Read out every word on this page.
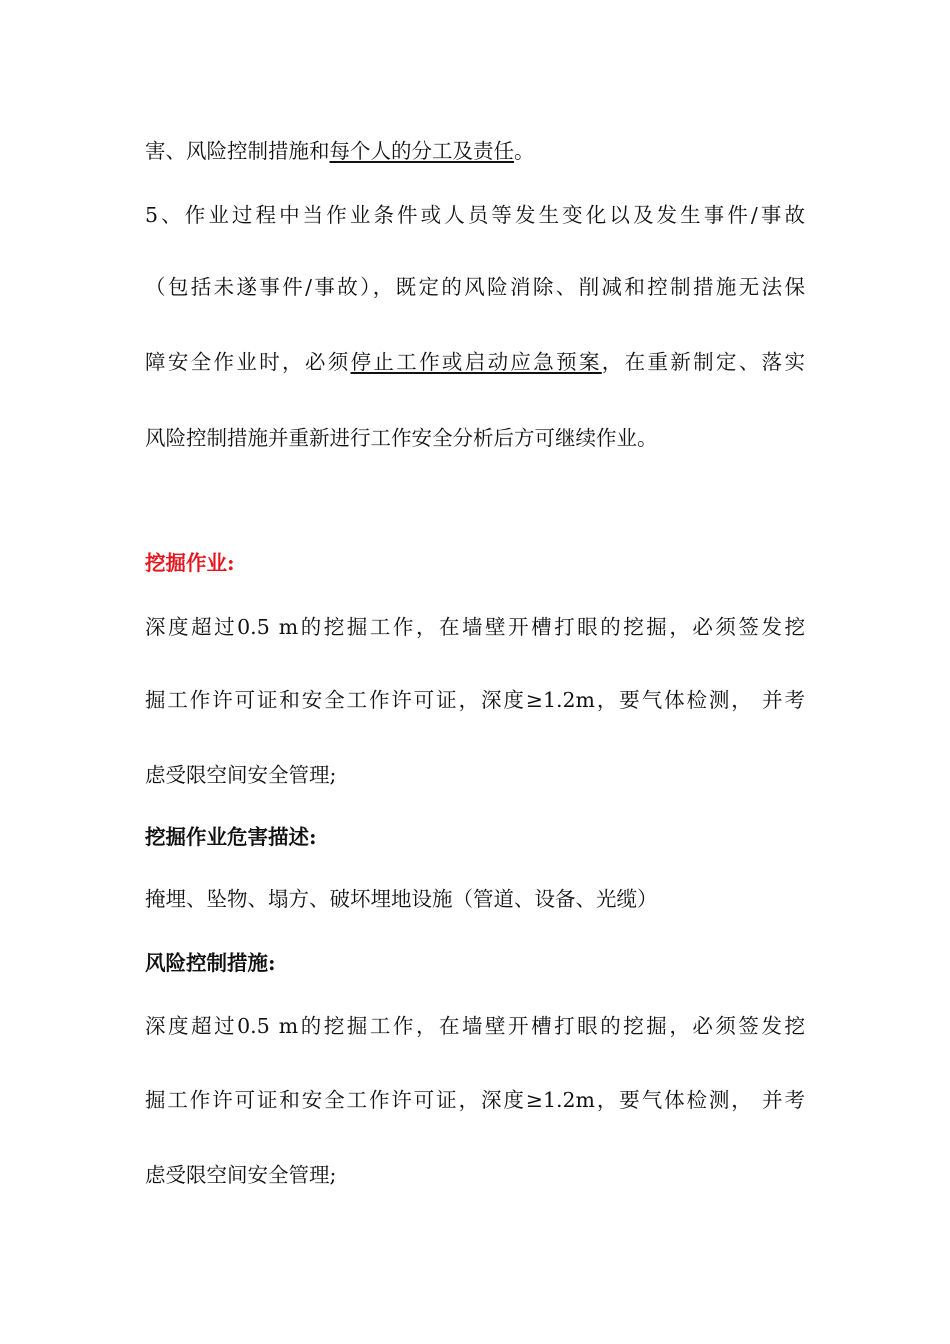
害、风险控制措施和每个人的分工及责任。
5、作业过程中当作业条件或人员等发生变化以及发生事件/事故
（包括未遂事件/事故），既定的风险消除、削减和控制措施无法保
障安全作业时，必须停止工作或启动应急预案，在重新制定、落实
风险控制措施并重新进行工作安全分析后方可继续作业。
挖掘作业:
深度超过0.5 m的挖掘工作，在墙壁开槽打眼的挖掘，必须签发挖
掘工作许可证和安全工作许可证，深度≥1.2m，要气体检测， 并考
虑受限空间安全管理;
挖掘作业危害描述:
掩埋、坠物、塌方、破坏埋地设施（管道、设备、光缆）
风险控制措施:
深度超过0.5 m的挖掘工作，在墙壁开槽打眼的挖掘，必须签发挖
掘工作许可证和安全工作许可证，深度≥1.2m，要气体检测， 并考
虑受限空间安全管理;
